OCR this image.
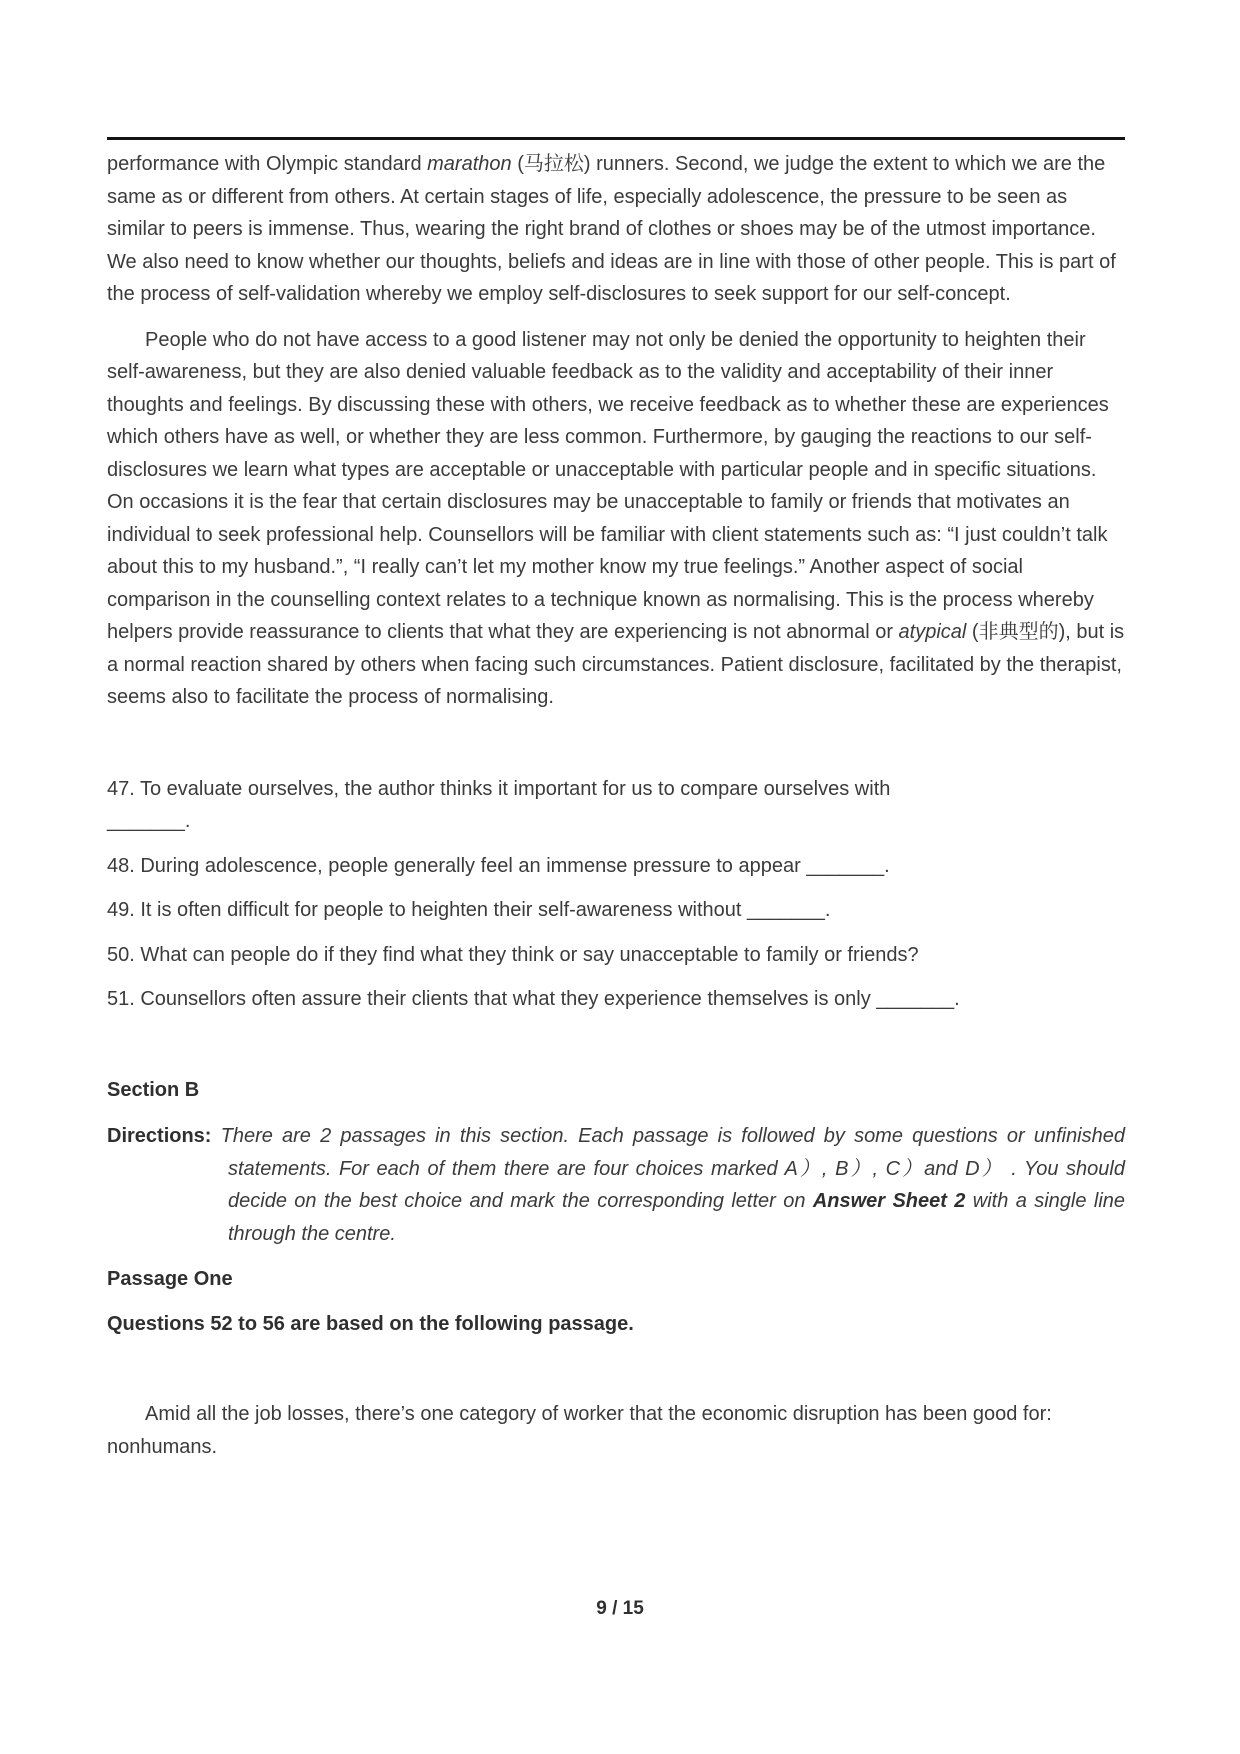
performance with Olympic standard marathon (马拉松) runners. Second, we judge the extent to which we are the same as or different from others. At certain stages of life, especially adolescence, the pressure to be seen as similar to peers is immense. Thus, wearing the right brand of clothes or shoes may be of the utmost importance. We also need to know whether our thoughts, beliefs and ideas are in line with those of other people. This is part of the process of self-validation whereby we employ self-disclosures to seek support for our self-concept.

People who do not have access to a good listener may not only be denied the opportunity to heighten their self-awareness, but they are also denied valuable feedback as to the validity and acceptability of their inner thoughts and feelings. By discussing these with others, we receive feedback as to whether these are experiences which others have as well, or whether they are less common. Furthermore, by gauging the reactions to our self-disclosures we learn what types are acceptable or unacceptable with particular people and in specific situations. On occasions it is the fear that certain disclosures may be unacceptable to family or friends that motivates an individual to seek professional help. Counsellors will be familiar with client statements such as: “I just couldn’t talk about this to my husband.”, “I really can’t let my mother know my true feelings.” Another aspect of social comparison in the counselling context relates to a technique known as normalising. This is the process whereby helpers provide reassurance to clients that what they are experiencing is not abnormal or atypical (非典型的), but is a normal reaction shared by others when facing such circumstances. Patient disclosure, facilitated by the therapist, seems also to facilitate the process of normalising.

47. To evaluate ourselves, the author thinks it important for us to compare ourselves with
_______.

48. During adolescence, people generally feel an immense pressure to appear _______.

49. It is often difficult for people to heighten their self-awareness without _______.

50. What can people do if they find what they think or say unacceptable to family or friends?

51. Counsellors often assure their clients that what they experience themselves is only _______.

Section B

Directions: There are 2 passages in this section. Each passage is followed by some questions or unfinished statements. For each of them there are four choices marked A）, B）, C）and D） . You should decide on the best choice and mark the corresponding letter on Answer Sheet 2 with a single line through the centre.

Passage One

Questions 52 to 56 are based on the following passage.

Amid all the job losses, there’s one category of worker that the economic disruption has been good for: nonhumans.

9 / 15
